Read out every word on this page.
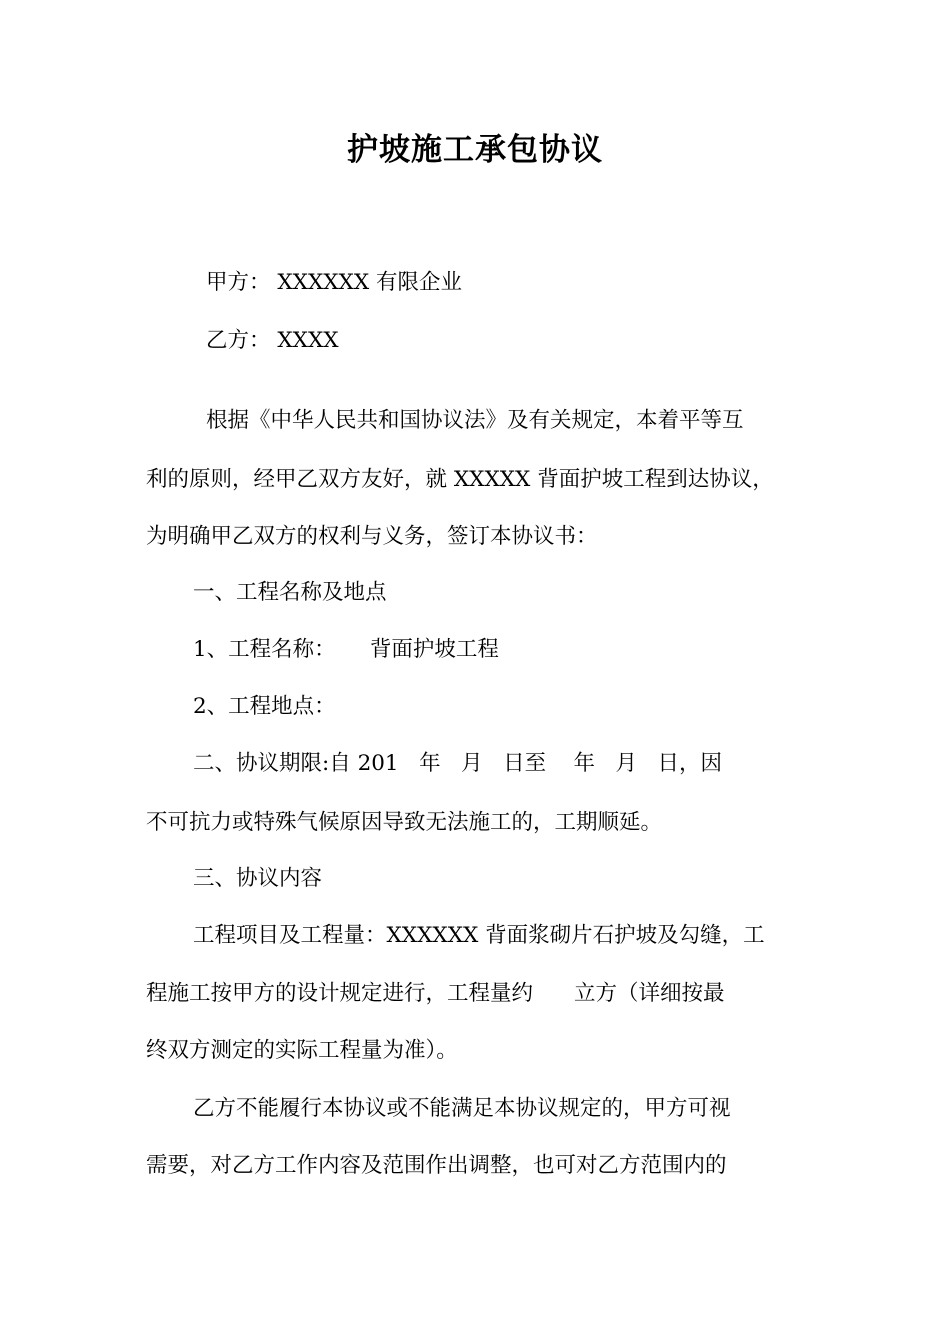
护坡施工承包协议

甲方： XXXXXX 有限企业

乙方： XXXX

根据《中华人民共和国协议法》及有关规定，本着平等互

利的原则，经甲乙双方友好，就 XXXXX 背面护坡工程到达协议，

为明确甲乙双方的权利与义务，签订本协议书：

一、工程名称及地点

1、工程名称：     背面护坡工程

2、工程地点：

二、协议期限:自 201   年   月   日至    年   月   日，因

不可抗力或特殊气候原因导致无法施工的，工期顺延。

三、协议内容

工程项目及工程量：XXXXXX 背面浆砌片石护坡及勾缝，工

程施工按甲方的设计规定进行，工程量约      立方（详细按最

终双方测定的实际工程量为准）。

乙方不能履行本协议或不能满足本协议规定的，甲方可视

需要，对乙方工作内容及范围作出调整，也可对乙方范围内的
